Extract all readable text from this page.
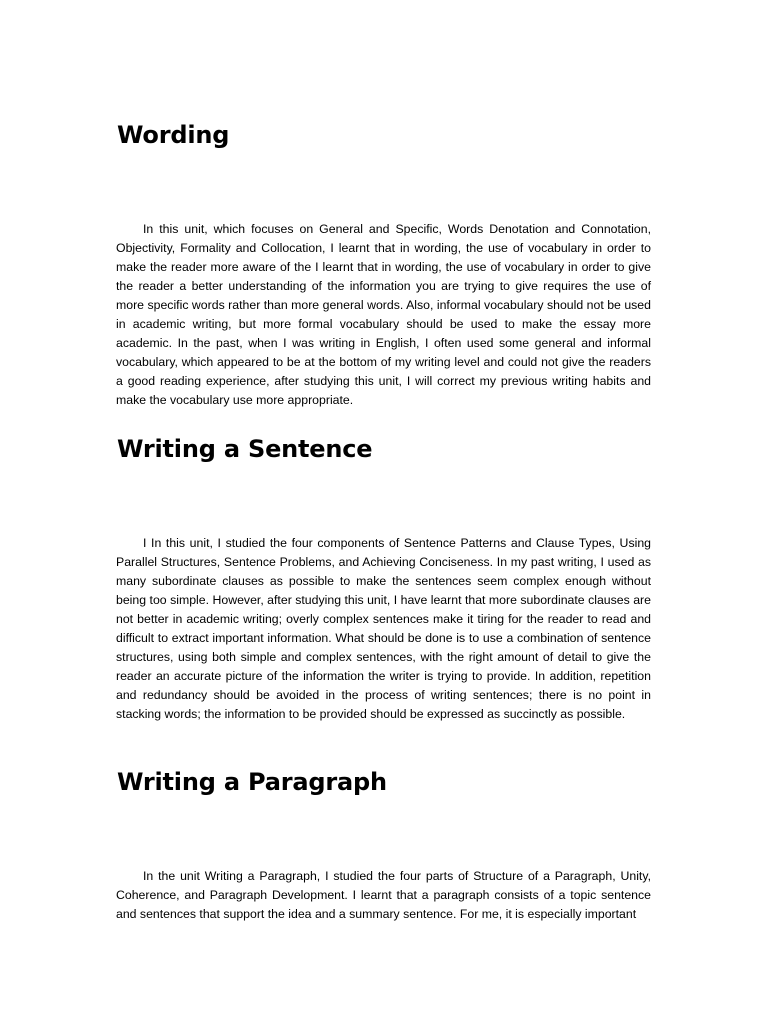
Wording

In this unit, which focuses on General and Specific, Words Denotation and Connotation, Objectivity, Formality and Collocation, I learnt that in wording, the use of vocabulary in order to make the reader more aware of the I learnt that in wording, the use of vocabulary in order to give the reader a better understanding of the information you are trying to give requires the use of more specific words rather than more general words. Also, informal vocabulary should not be used in academic writing, but more formal vocabulary should be used to make the essay more academic. In the past, when I was writing in English, I often used some general and informal vocabulary, which appeared to be at the bottom of my writing level and could not give the readers a good reading experience, after studying this unit, I will correct my previous writing habits and make the vocabulary use more appropriate.

Writing a Sentence

I In this unit, I studied the four components of Sentence Patterns and Clause Types, Using Parallel Structures, Sentence Problems, and Achieving Conciseness. In my past writing, I used as many subordinate clauses as possible to make the sentences seem complex enough without being too simple. However, after studying this unit, I have learnt that more subordinate clauses are not better in academic writing; overly complex sentences make it tiring for the reader to read and difficult to extract important information. What should be done is to use a combination of sentence structures, using both simple and complex sentences, with the right amount of detail to give the reader an accurate picture of the information the writer is trying to provide. In addition, repetition and redundancy should be avoided in the process of writing sentences; there is no point in stacking words; the information to be provided should be expressed as succinctly as possible.

Writing a Paragraph

In the unit Writing a Paragraph, I studied the four parts of Structure of a Paragraph, Unity, Coherence, and Paragraph Development. I learnt that a paragraph consists of a topic sentence and sentences that support the idea and a summary sentence. For me, it is especially important
